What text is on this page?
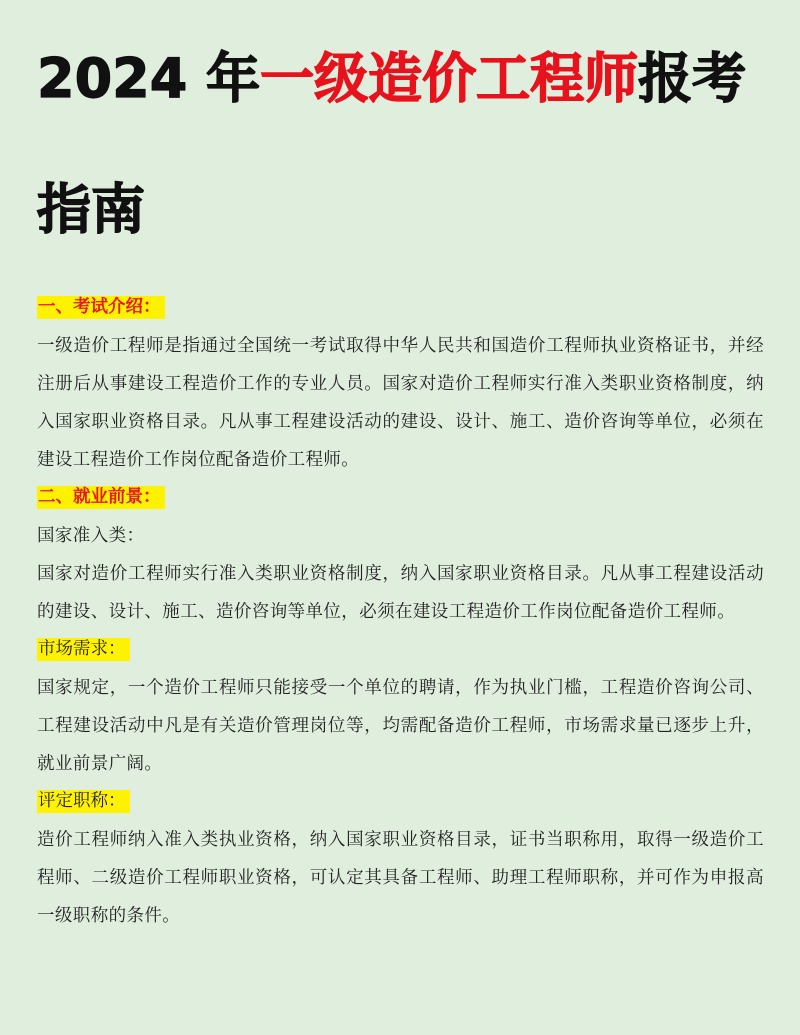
2024 年一级造价工程师报考
指南
一、考试介绍：

一级造价工程师是指通过全国统一考试取得中华人民共和国造价工程师执业资格证书，并经注册后从事建设工程造价工作的专业人员。国家对造价工程师实行准入类职业资格制度，纳入国家职业资格目录。凡从事工程建设活动的建设、设计、施工、造价咨询等单位，必须在建设工程造价工作岗位配备造价工程师。

二、就业前景：

国家准入类：

国家对造价工程师实行准入类职业资格制度，纳入国家职业资格目录。凡从事工程建设活动的建设、设计、施工、造价咨询等单位，必须在建设工程造价工作岗位配备造价工程师。

市场需求：

国家规定，一个造价工程师只能接受一个单位的聘请，作为执业门槛，工程造价咨询公司、工程建设活动中凡是有关造价管理岗位等，均需配备造价工程师，市场需求量已逐步上升，就业前景广阔。

评定职称：

造价工程师纳入准入类执业资格，纳入国家职业资格目录，证书当职称用，取得一级造价工程师、二级造价工程师职业资格，可认定其具备工程师、助理工程师职称，并可作为申报高一级职称的条件。
